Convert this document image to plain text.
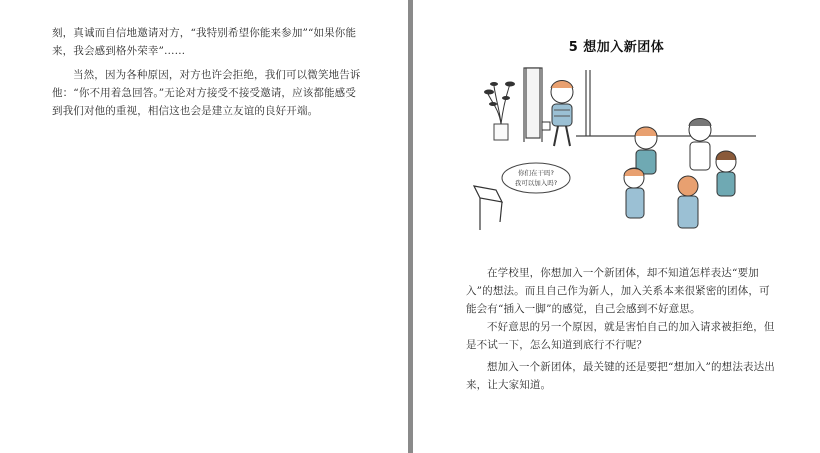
刻，真诚而自信地邀请对方，“我特别希望你能来参加”“如果你能来，我会感到格外荣幸”……

当然，因为各种原因，对方也许会拒绝，我们可以微笑地告诉他：“你不用着急回答。”无论对方接受不接受邀请，应该都能感受到我们对他的重视，相信这也会是建立友谊的良好开端。

5 想加入新团体
你们在干吗?
我可以加入吗?

在学校里，你想加入一个新团体，却不知道怎样表达“要加入”的想法。而且自己作为新人，加入关系本来很紧密的团体，可能会有“插入一脚”的感觉，自己会感到不好意思。

不好意思的另一个原因，就是害怕自己的加入请求被拒绝，但是不试一下，怎么知道到底行不行呢？

想加入一个新团体，最关键的还是要把“想加入”的想法表达出来，让大家知道。
